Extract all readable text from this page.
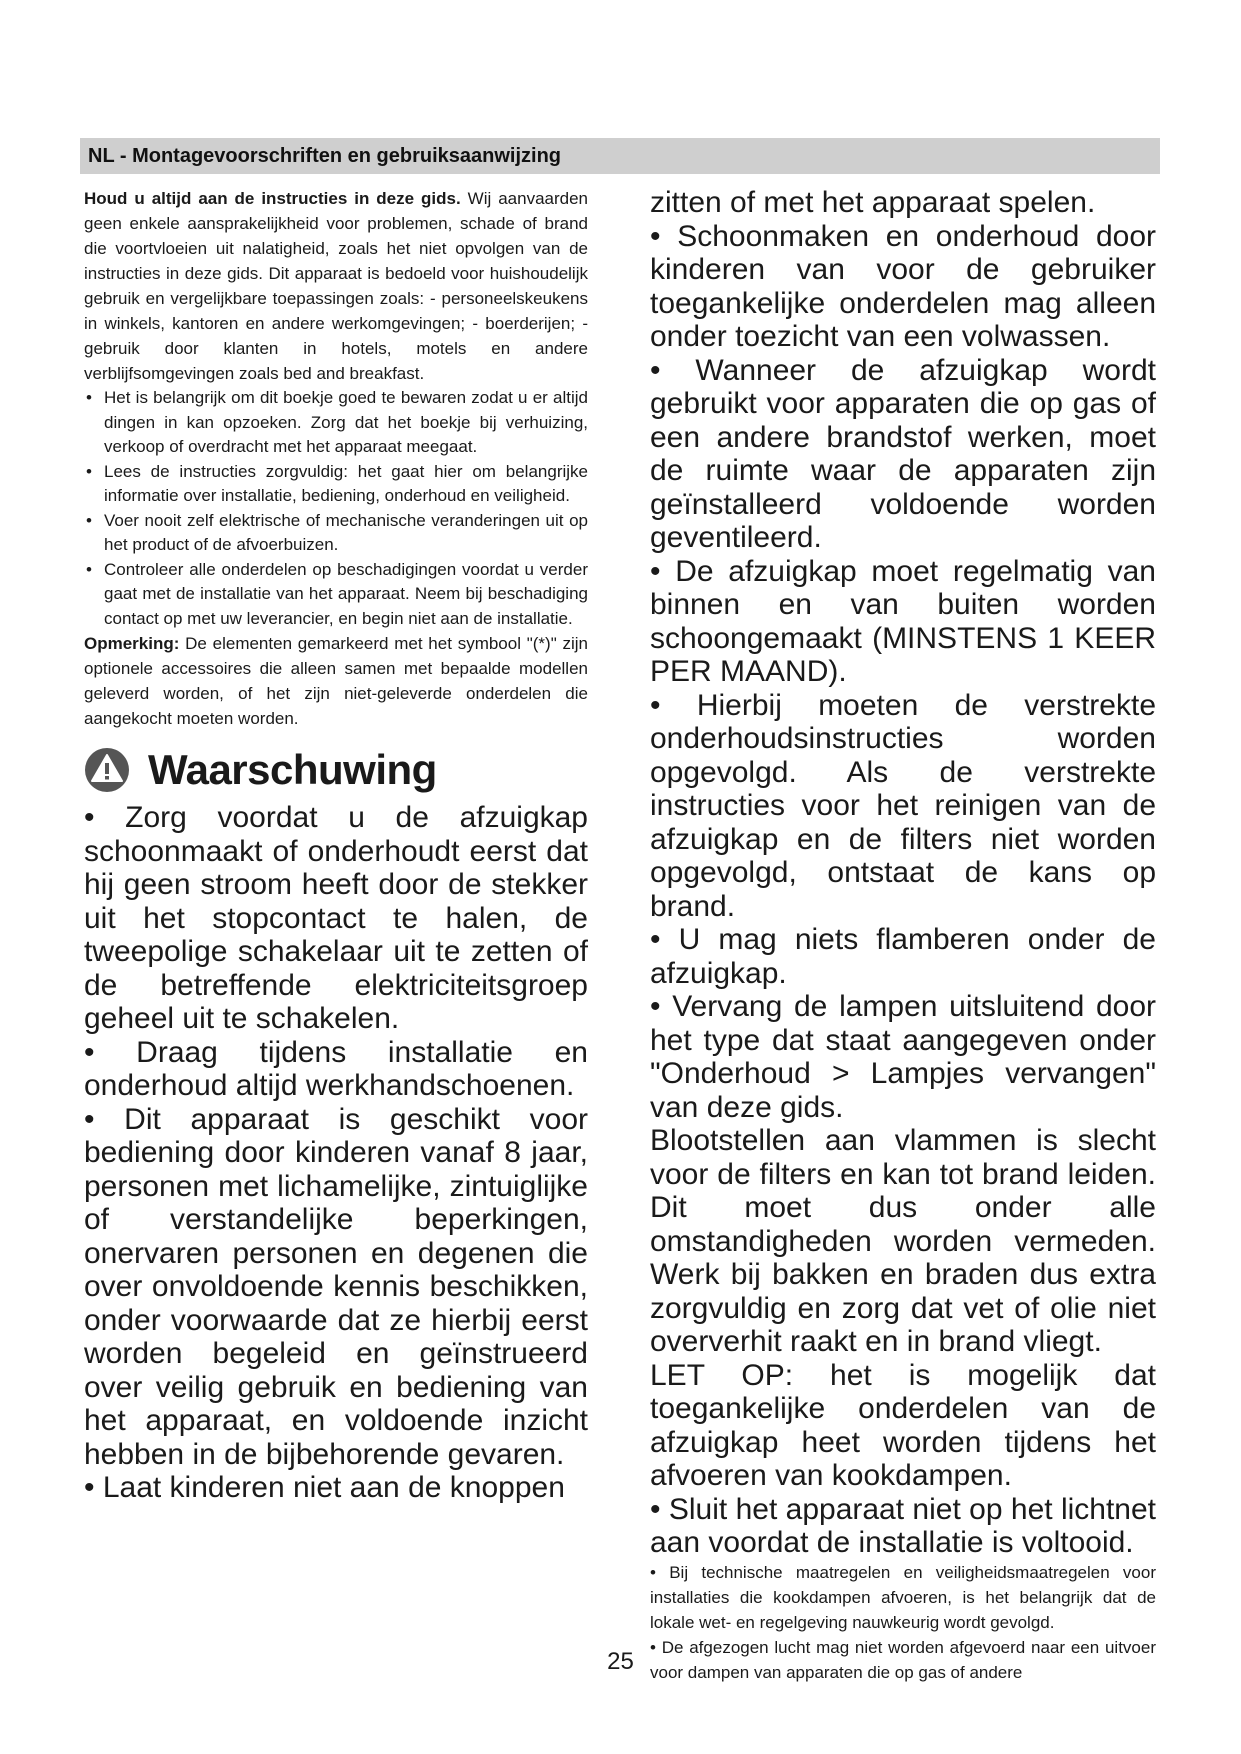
NL - Montagevoorschriften en gebruiksaanwijzing

Houd u altijd aan de instructies in deze gids. Wij aanvaarden geen enkele aansprakelijkheid voor problemen, schade of brand die voortvloeien uit nalatigheid, zoals het niet opvolgen van de instructies in deze gids. Dit apparaat is bedoeld voor huishoudelijk gebruik en vergelijkbare toepassingen zoals: - personeelskeukens in winkels, kantoren en andere werkomgevingen; - boerderijen; - gebruik door klanten in hotels, motels en andere verblijfsomgevingen zoals bed and breakfast.

• Het is belangrijk om dit boekje goed te bewaren zodat u er altijd dingen in kan opzoeken. Zorg dat het boekje bij verhuizing, verkoop of overdracht met het apparaat meegaat.
• Lees de instructies zorgvuldig: het gaat hier om belangrijke informatie over installatie, bediening, onderhoud en veiligheid.
• Voer nooit zelf elektrische of mechanische veranderingen uit op het product of de afvoerbuizen.
• Controleer alle onderdelen op beschadigingen voordat u verder gaat met de installatie van het apparaat. Neem bij beschadiging contact op met uw leverancier, en begin niet aan de installatie.

Opmerking: De elementen gemarkeerd met het symbool "(*)" zijn optionele accessoires die alleen samen met bepaalde modellen geleverd worden, of het zijn niet-geleverde onderdelen die aangekocht moeten worden.

Waarschuwing

• Zorg voordat u de afzuigkap schoonmaakt of onderhoudt eerst dat hij geen stroom heeft door de stekker uit het stopcontact te halen, de tweepolige schakelaar uit te zetten of de betreffende elektriciteitsgroep geheel uit te schakelen.

• Draag tijdens installatie en onderhoud altijd werkhandschoenen.

• Dit apparaat is geschikt voor bediening door kinderen vanaf 8 jaar, personen met lichamelijke, zintuiglijke of verstandelijke beperkingen, onervaren personen en degenen die over onvoldoende kennis beschikken, onder voorwaarde dat ze hierbij eerst worden begeleid en geïnstrueerd over veilig gebruik en bediening van het apparaat, en voldoende inzicht hebben in de bijbehorende gevaren.

• Laat kinderen niet aan de knoppen

zitten of met het apparaat spelen.

• Schoonmaken en onderhoud door kinderen van voor de gebruiker toegankelijke onderdelen mag alleen onder toezicht van een volwassen.

• Wanneer de afzuigkap wordt gebruikt voor apparaten die op gas of een andere brandstof werken, moet de ruimte waar de apparaten zijn geïnstalleerd voldoende worden geventileerd.

• De afzuigkap moet regelmatig van binnen en van buiten worden schoongemaakt (MINSTENS 1 KEER PER MAAND).

• Hierbij moeten de verstrekte onderhoudsinstructies worden opgevolgd. Als de verstrekte instructies voor het reinigen van de afzuigkap en de filters niet worden opgevolgd, ontstaat de kans op brand.

• U mag niets flamberen onder de afzuigkap.

• Vervang de lampen uitsluitend door het type dat staat aangegeven onder "Onderhoud > Lampjes vervangen" van deze gids.

Blootstellen aan vlammen is slecht voor de filters en kan tot brand leiden. Dit moet dus onder alle omstandigheden worden vermeden. Werk bij bakken en braden dus extra zorgvuldig en zorg dat vet of olie niet oververhit raakt en in brand vliegt.

LET OP: het is mogelijk dat toegankelijke onderdelen van de afzuigkap heet worden tijdens het afvoeren van kookdampen.

• Sluit het apparaat niet op het lichtnet aan voordat de installatie is voltooid.

• Bij technische maatregelen en veiligheidsmaatregelen voor installaties die kookdampen afvoeren, is het belangrijk dat de lokale wet- en regelgeving nauwkeurig wordt gevolgd.

• De afgezogen lucht mag niet worden afgevoerd naar een uitvoer voor dampen van apparaten die op gas of andere

25
